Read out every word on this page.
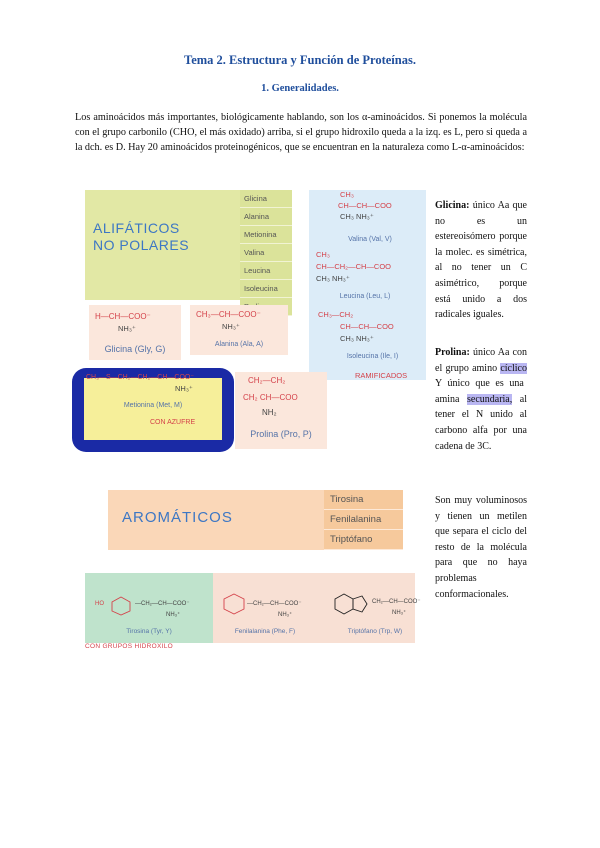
Tema 2. Estructura y Función de Proteínas.
1. Generalidades.
Los aminoácidos más importantes, biológicamente hablando, son los α-aminoácidos. Si ponemos la molécula con el grupo carbonilo (CHO, el más oxidado) arriba, si el grupo hidroxilo queda a la izq. es L, pero si queda a la dch. es D. Hay 20 aminoácidos proteinogénicos, que se encuentran en la naturaleza como L-α-aminoácidos:
ALIFÁTICOS
NO POLARES
Glicina
Alanina
Metionina
Valina
Leucina
Isoleucina
H—CH—COO⁻
NH₃⁺
Glicina (Gly, G)
CH₃—CH—COO⁻
NH₃⁺
Alanina (Ala, A)
CH₃
CH—CH—COO
CH₃ NH₃⁺
Valina (Val, V)
CH₃
CH—CH₂—CH—COO
CH₃ NH₃⁺
Leucina (Leu, L)
CH₃—CH₂
CH—CH—COO
CH₃ NH₃⁺
Isoleucina (Ile, I)
RAMIFICADOS
CH₃—S—CH₂—CH₂—CH—COO⁻
NH₃⁺
Metionina (Met, M)
CON AZUFRE
CH₂—CH₂
CH₂ CH—COO
NH₂
Prolina (Pro, P)
Glicina: único Aa que no es un estereoisómero porque la molec. es simétrica, al no tener un C asimétrico, porque está unido a dos radicales iguales.
Prolina: único Aa con el grupo amino cíclico Y único que es una amina secundaria, al tener el N unido al carbono alfa por una cadena de 3C.
AROMÁTICOS
Tirosina
Fenilalanina
Triptófano
Son muy voluminosos y tienen un metilen que separa el ciclo del resto de la molécula para que no haya problemas conformacionales.
HO	—CH₂—CH—COO⁻
NH₃⁺
Tirosina (Tyr, Y)
—CH₂—CH—COO⁻
NH₃⁺
Fenilalanina (Phe, F)
CH₂—CH—COO⁻
NH₃⁺
Triptófano (Trp, W)
CON GRUPOS HIDROXILO
